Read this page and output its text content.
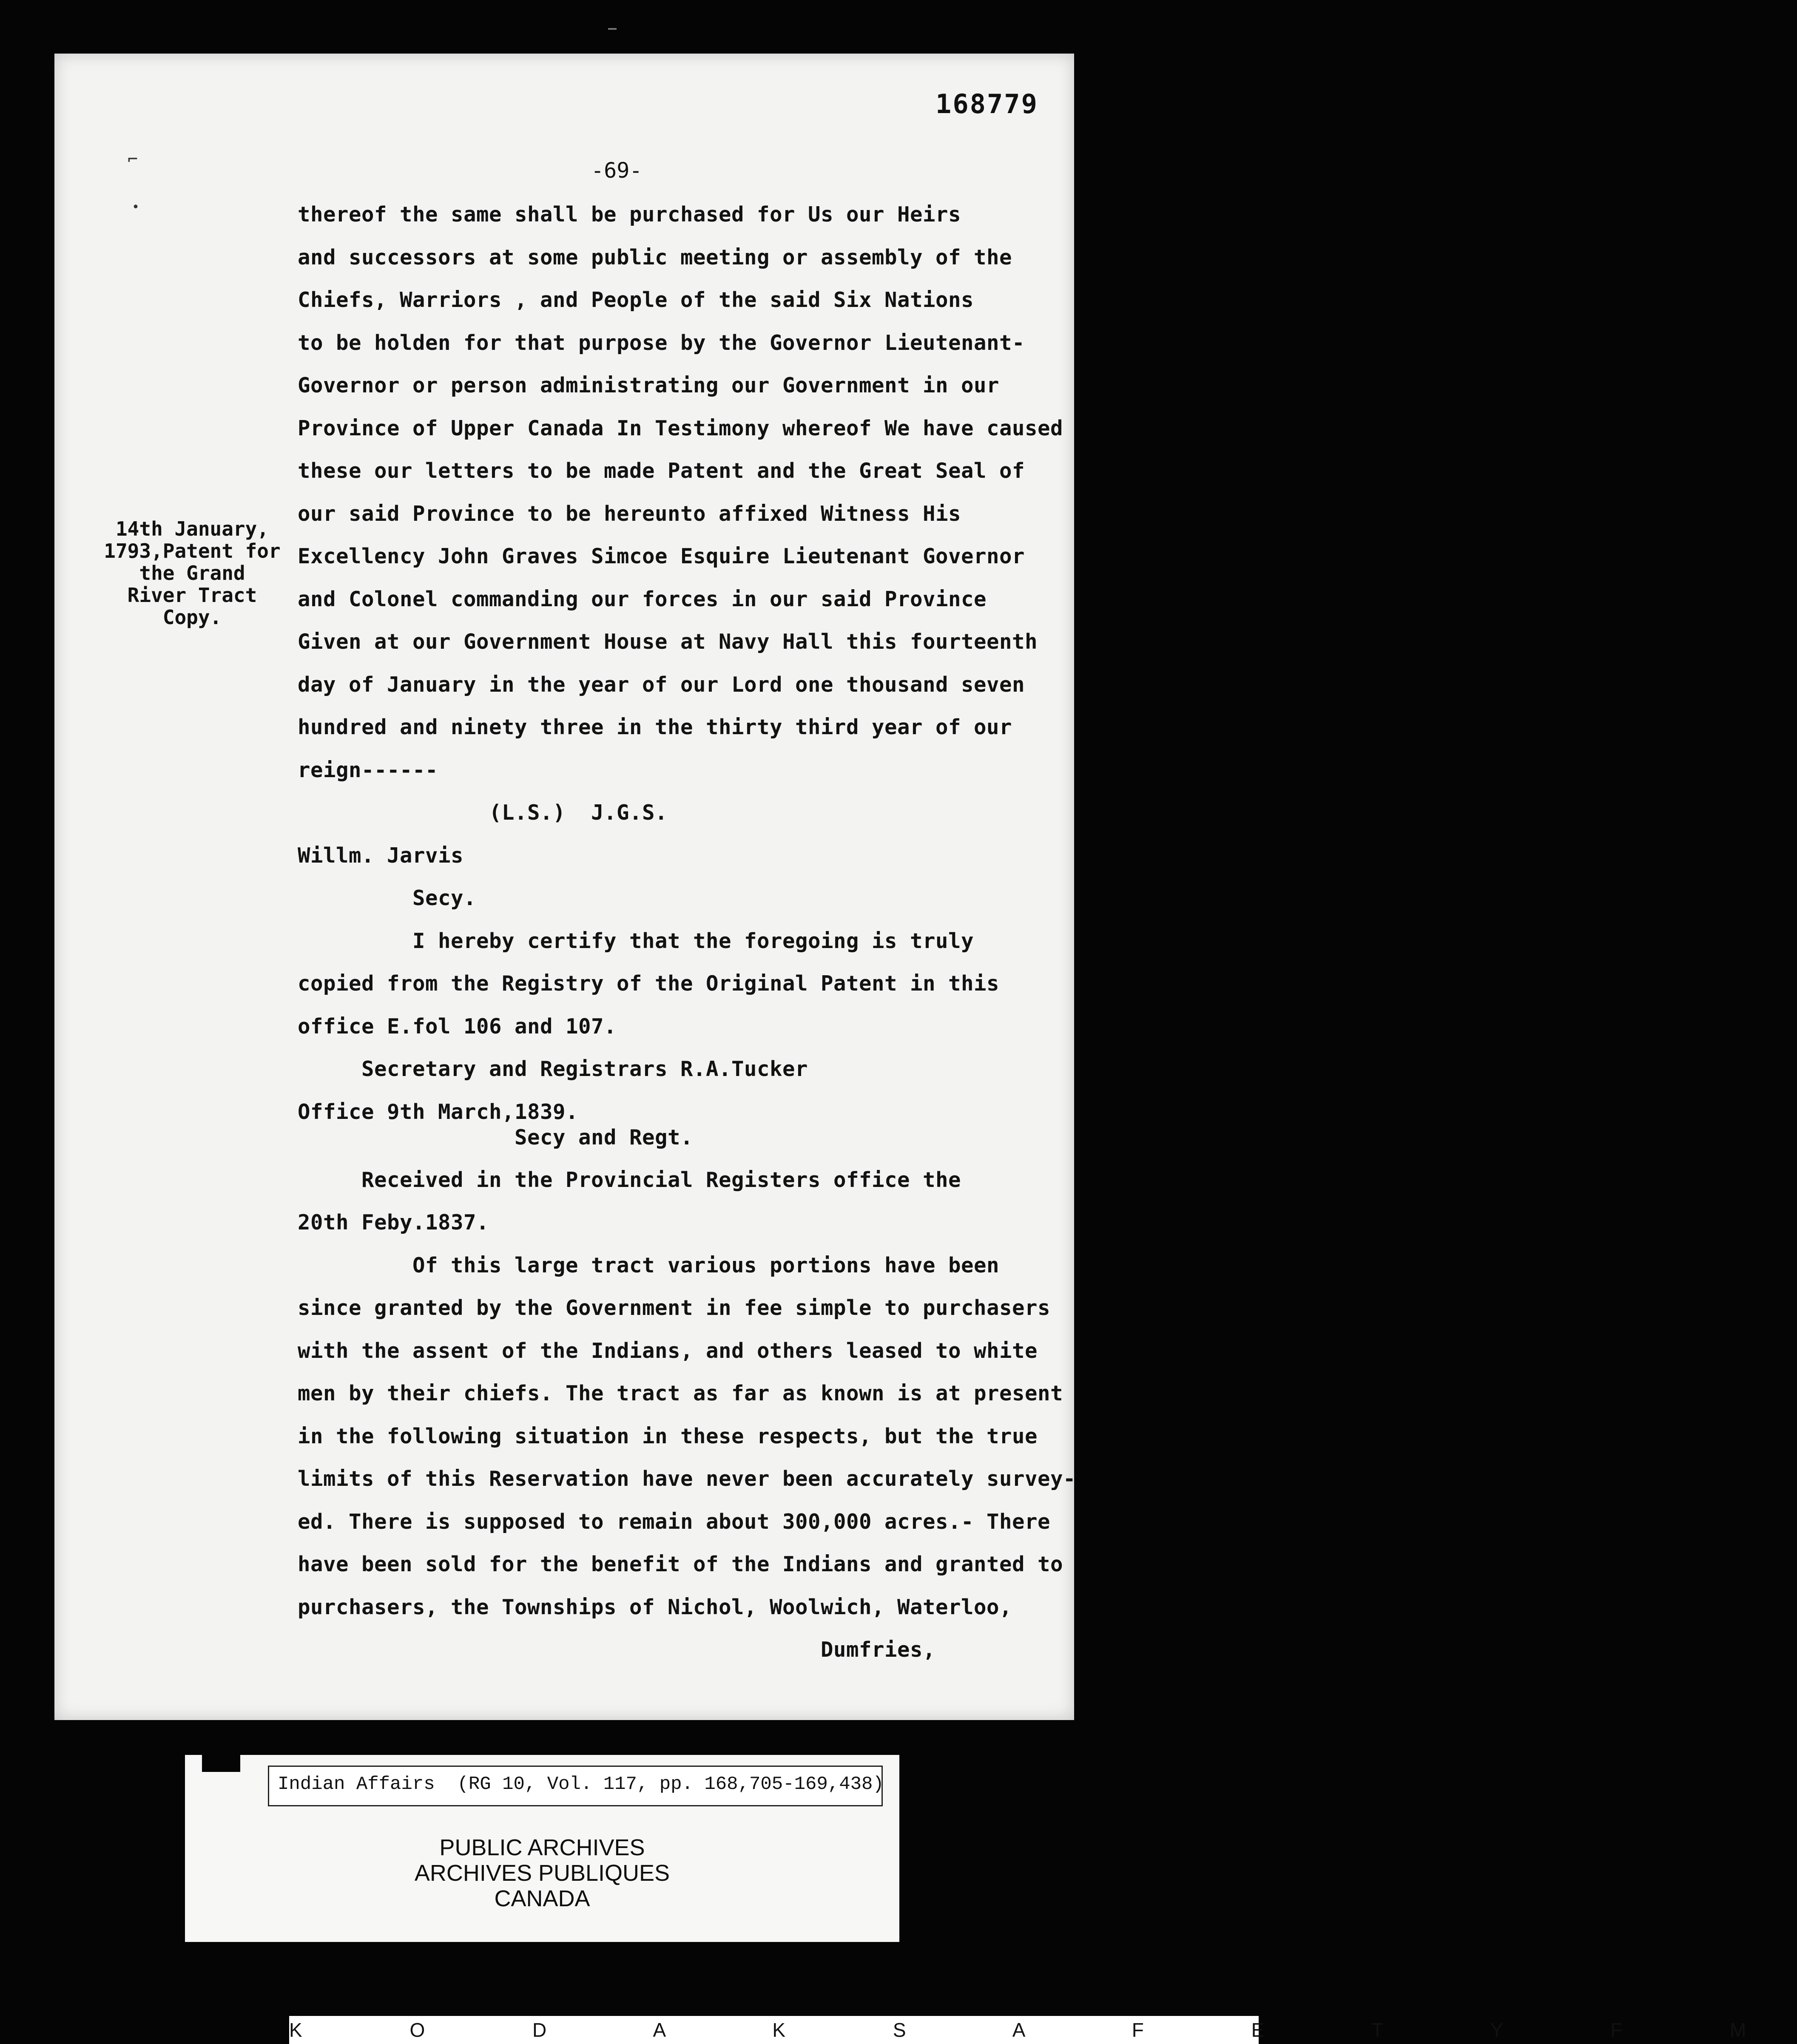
168779
-69-
⌐
•	thereof the same shall be purchased for Us our Heirs
and successors at some public meeting or assembly of the
Chiefs, Warriors , and People of the said Six Nations
to be holden for that purpose by the Governor Lieutenant-
Governor or person administrating our Government in our
Province of Upper Canada In Testimony whereof We have caused
these our letters to be made Patent and the Great Seal of
our said Province to be hereunto affixed Witness His
Excellency John Graves Simcoe Esquire Lieutenant Governor
and Colonel commanding our forces in our said Province
Given at our Government House at Navy Hall this fourteenth
day of January in the year of our Lord one thousand seven
hundred and ninety three in the thirty third year of our
reign------
(L.S.)  J.G.S.
Willm. Jarvis
Secy.
I hereby certify that the foregoing is truly
copied from the Registry of the Original Patent in this
office E.fol 106 and 107.
Secretary and Registrars R.A.Tucker
Office 9th March,1839.
Secy and Regt.
Received in the Provincial Registers office the
20th Feby.1837.
Of this large tract various portions have been
since granted by the Government in fee simple to purchasers
with the assent of the Indians, and others leased to white
men by their chiefs. The tract as far as known is at present
in the following situation in these respects, but the true
limits of this Reservation have never been accurately survey-
ed. There is supposed to remain about 300,000 acres.- There
have been sold for the benefit of the Indians and granted to
purchasers, the Townships of Nichol, Woolwich, Waterloo,
Dumfries,
14th January,
1793,Patent for
the Grand
River Tract
Copy.
Indian Affairs  (RG 10, Vol. 117, pp. 168,705-169,438)
PUBLIC ARCHIVES
ARCHIVES PUBLIQUES
CANADA
K O D A K S A F E T Y F M
